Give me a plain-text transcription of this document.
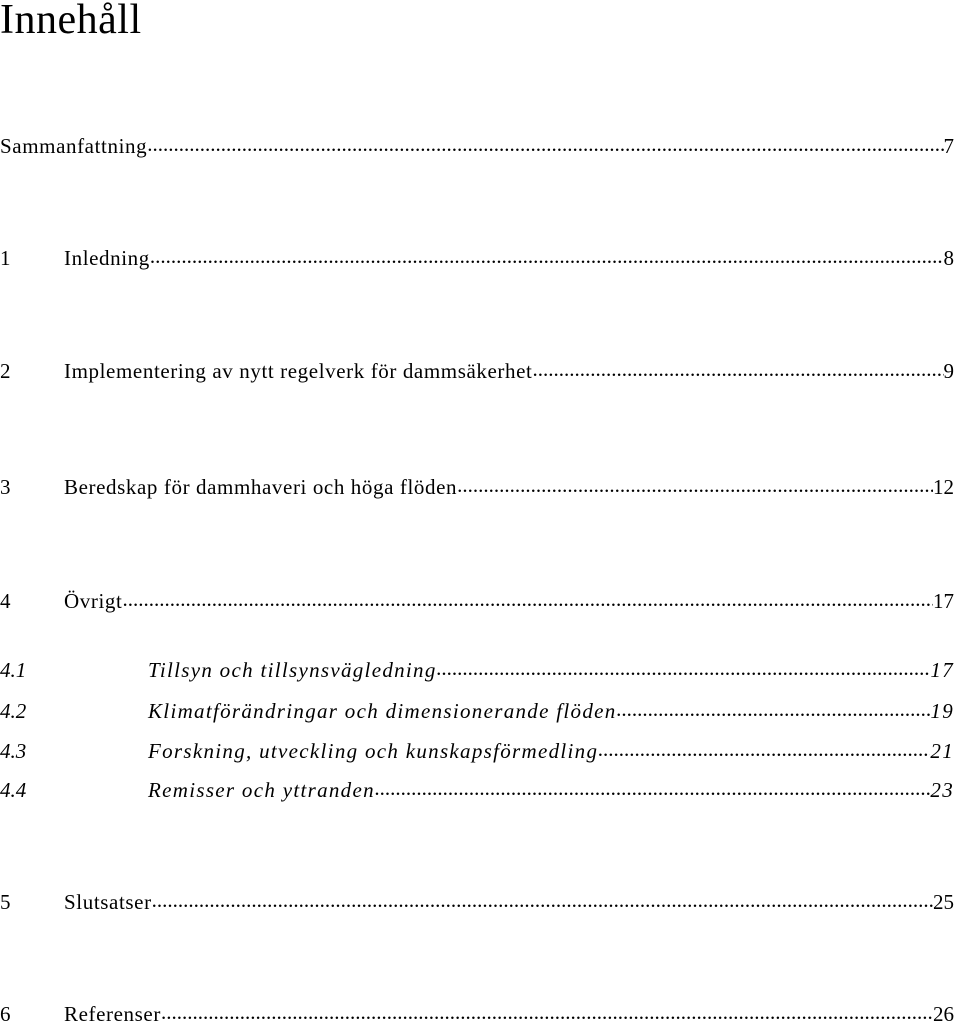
Innehåll
Sammanfattning .....	7
1	Inledning .....	8
2	Implementering av nytt regelverk för dammsäkerhet .....	9
3	Beredskap för dammhaveri och höga flöden .....	12
4	Övrigt .....	17
4.1	Tillsyn och tillsynsvägledning .....	17
4.2	Klimatförändringar och dimensionerande flöden .....	19
4.3	Forskning, utveckling och kunskapsförmedling .....	21
4.4	Remisser och yttranden .....	23
5	Slutsatser .....	25
6	Referenser .....	26
